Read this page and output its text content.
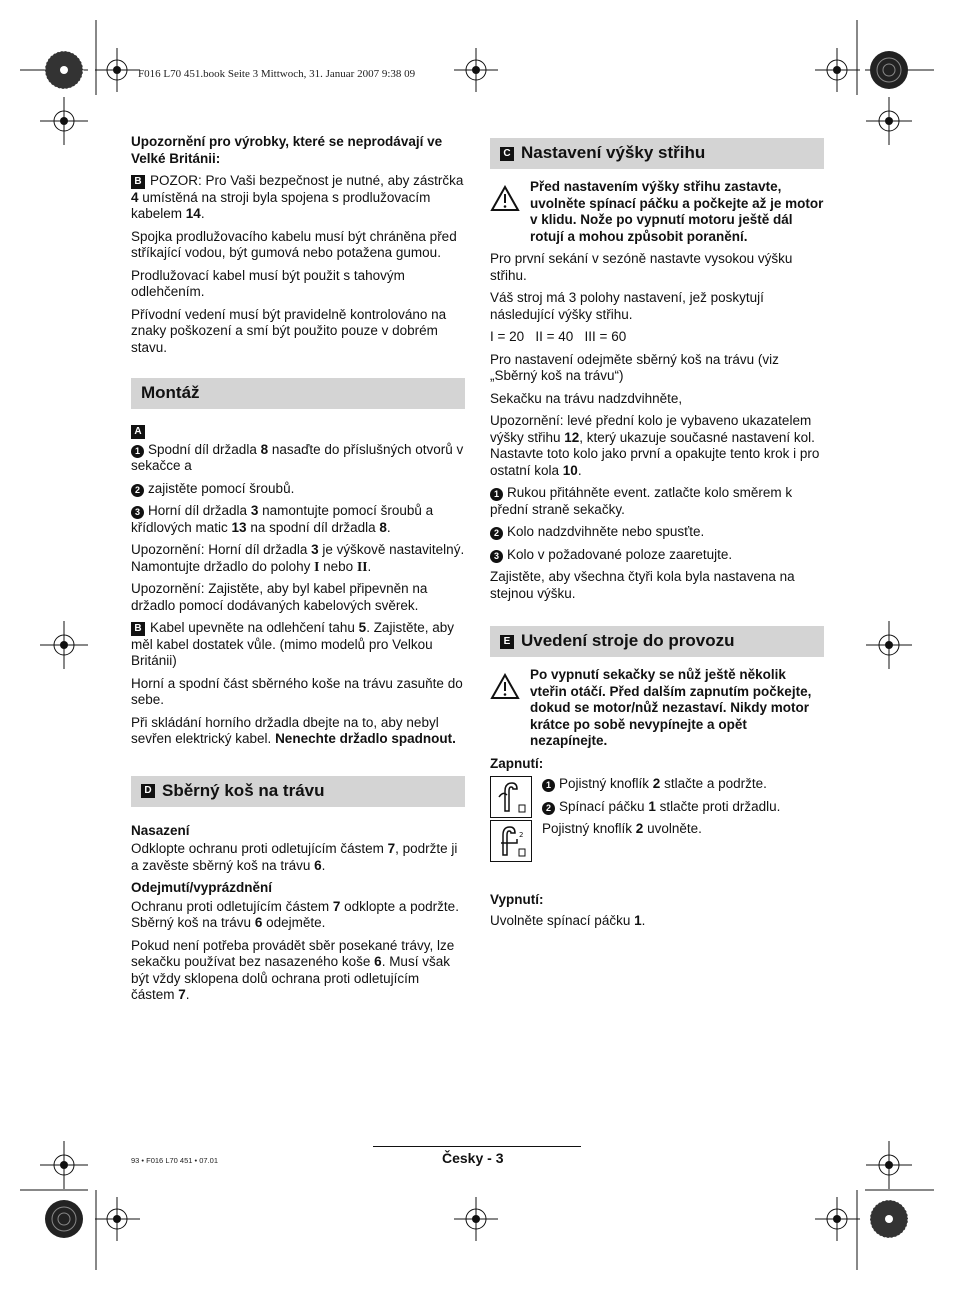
F016 L70 451.book Seite 3 Mittwoch, 31. Januar 2007 9:38 09

Upozornění pro výrobky, které se neprodávají ve Velké Británii:

B POZOR: Pro Vaši bezpečnost je nutné, aby zástrčka 4 umístěná na stroji byla spojena s prodlužovacím kabelem 14.

Spojka prodlužovacího kabelu musí být chráněna před stříkající vodou, být gumová nebo potažena gumou.

Prodlužovací kabel musí být použit s tahovým odlehčením.

Přívodní vedení musí být pravidelně kontrolováno na znaky poškození a smí být použito pouze v dobrém stavu.

Montáž
A

1 Spodní díl držadla 8 nasaďte do příslušných otvorů v sekačce a

2 zajistěte pomocí šroubů.

3 Horní díl držadla 3 namontujte pomocí šroubů a křídlových matic 13 na spodní díl držadla 8.

Upozornění: Horní díl držadla 3 je výškově nastavitelný. Namontujte držadlo do polohy I nebo II.

Upozornění: Zajistěte, aby byl kabel připevněn na držadlo pomocí dodávaných kabelových svěrek.

B Kabel upevněte na odlehčení tahu 5. Zajistěte, aby měl kabel dostatek vůle. (mimo modelů pro Velkou Británii)

Horní a spodní část sběrného koše na trávu zasuňte do sebe.

Při skládání horního držadla dbejte na to, aby nebyl sevřen elektrický kabel. Nenechte držadlo spadnout.

D Sběrný koš na trávu

Nasazení

Odklopte ochranu proti odletujícím částem 7, podržte ji a zavěste sběrný koš na trávu 6.

Odejmutí/vyprázdnění

Ochranu proti odletujícím částem 7 odklopte a podržte. Sběrný koš na trávu 6 odejměte.

Pokud není potřeba provádět sběr posekané trávy, lze sekačku používat bez nasazeného koše 6. Musí však být vždy sklopena dolů ochrana proti odletujícím částem 7.

C Nastavení výšky střihu
Před nastavením výšky střihu zastavte, uvolněte spínací páčku a počkejte až je motor v klidu. Nože po vypnutí motoru ještě dál rotují a mohou způsobit poranění.

Pro první sekání v sezóně nastavte vysokou výšku střihu.

Váš stroj má 3 polohy nastavení, jež poskytují následující výšky střihu.

I = 20   II = 40   III = 60

Pro nastavení odejměte sběrný koš na trávu (viz „Sběrný koš na trávu“)

Sekačku na trávu nadzdvihněte,

Upozornění: levé přední kolo je vybaveno ukazatelem výšky střihu 12, který ukazuje současné nastavení kol. Nastavte toto kolo jako první a opakujte tento krok i pro ostatní kola 10.

1 Rukou přitáhněte event. zatlačte kolo směrem k přední straně sekačky.

2 Kolo nadzdvihněte nebo spusťte.

3 Kolo v požadované poloze zaaretujte.

Zajistěte, aby všechna čtyři kola byla nastavena na stejnou výšku.

E Uvedení stroje do provozu
Po vypnutí sekačky se nůž ještě několik vteřin otáčí. Před dalším zapnutím počkejte, dokud se motor/nůž nezastaví. Nikdy motor krátce po sobě nevypínejte a opět nezapínejte.

Zapnutí:

2

1 Pojistný knoflík 2 stlačte a podržte.

2 Spínací páčku 1 stlačte proti držadlu.

Pojistný knoflík 2 uvolněte.

Vypnutí:

Uvolněte spínací páčku 1.

93 • F016 L70 451 • 07.01	Česky - 3
